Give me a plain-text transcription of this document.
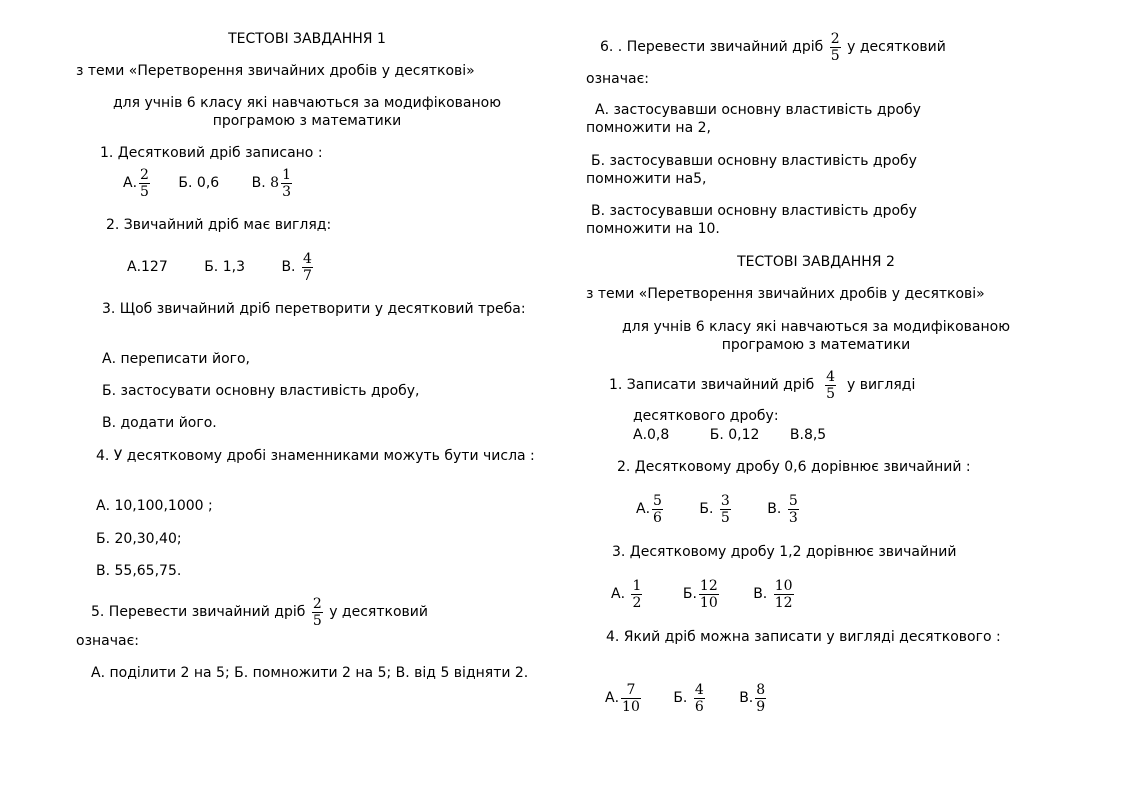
ТЕСТОВІ ЗАВДАННЯ 1
з теми «Перетворення звичайних дробів у десяткові»
для учнів 6 класу які навчаються за модифікованою програмою з математики
1. Десятковий дріб записано :
А. $\frac{2}{5} Б$. 0,6 В. $8 \frac{1}{3}$
2. Звичайний дріб має вигляд:
А.127	Б. 1,3	В. $\frac{4}{7}$
3. Щоб звичайний дріб перетворити у десятковий треба:
А. переписати його,
Б. застосувати основну властивість дробу,
В. додати його.
4. У десятковому дробі знаменниками можуть бути числа :
А. 10,100,1000 ;
Б. 20,30,40;
В. 55,65,75.
5. Перевести звичайний дріб $\frac{2}{5}$ у десятковий
означає:
А. поділити 2 на 5; Б. помножити 2 на 5; В. від 5 відняти 2.
6. . Перевести звичайний дріб $\frac{2}{5}$ у десятковий
означає:
А. застосувавши основну властивість дробу помножити на 2,
Б. застосувавши основну властивість дробу помножити на5,
В. застосувавши основну властивість дробу помножити на 10.
ТЕСТОВІ ЗАВДАННЯ 2
з теми «Перетворення звичайних дробів у десяткові»
для учнів 6 класу які навчаються за модифікованою програмою з математики
1. Записати звичайний дріб $\frac{4}{5}$ у вигляді
десяткового дробу:
А.0,8	Б. 0,12 В.8,5
2. Десятковому дробу 0,6 дорівнює звичайний :
А. $\frac{5}{6}$	Б. $\frac{3}{5}$	В. $\frac{5}{3}$
3. Десятковому дробу 1,2 дорівнює звичайний
А. $\frac{1}{2}$	Б. $\frac{12}{10} В$. $\frac{10}{12}$
4. Який дріб можна записати у вигляді десяткового :
А. $\frac{7}{10} Б$. $\frac{4}{6} В$. $\frac{8}{9}$
